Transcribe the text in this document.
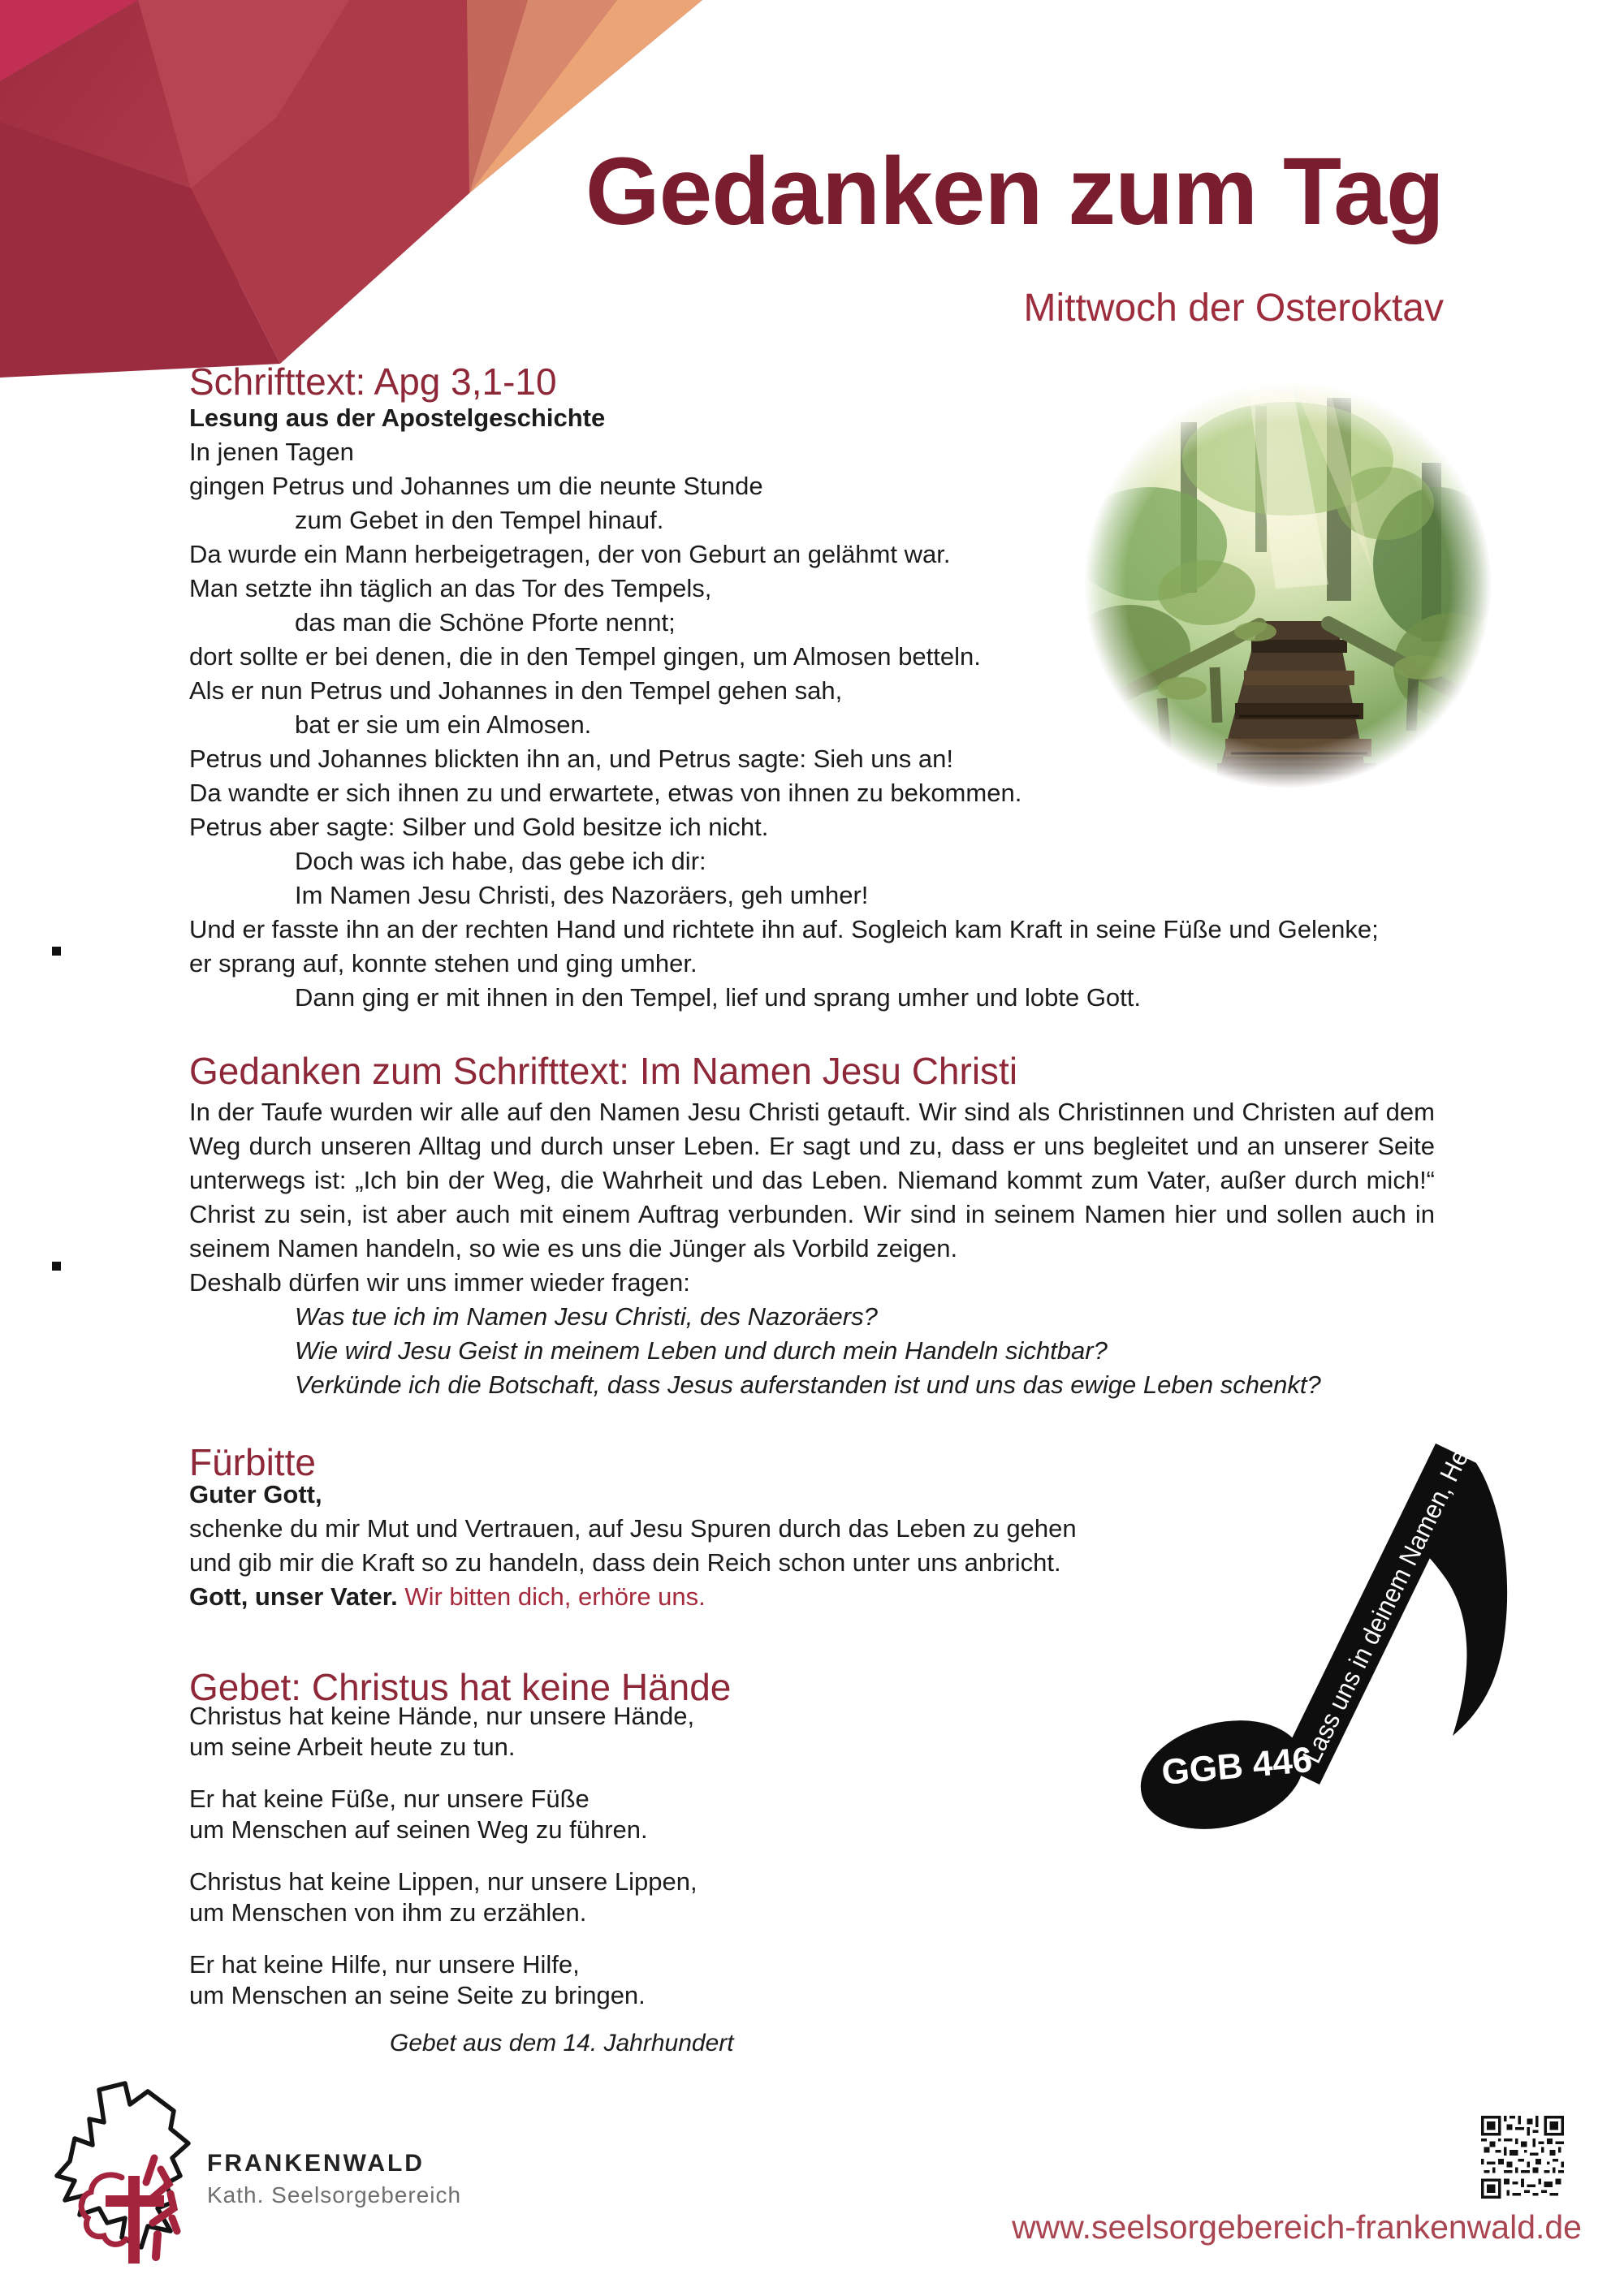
Gedanken zum Tag
Mittwoch der Osteroktav
Schrifttext: Apg 3,1-10
Lesung aus der Apostelgeschichte
In jenen Tagen
gingen Petrus und Johannes um die neunte Stunde
zum Gebet in den Tempel hinauf.
Da wurde ein Mann herbeigetragen, der von Geburt an gelähmt war.
Man setzte ihn täglich an das Tor des Tempels,
das man die Schöne Pforte nennt;
dort sollte er bei denen, die in den Tempel gingen, um Almosen betteln.
Als er nun Petrus und Johannes in den Tempel gehen sah,
bat er sie um ein Almosen.
Petrus und Johannes blickten ihn an, und Petrus sagte: Sieh uns an!
Da wandte er sich ihnen zu und erwartete, etwas von ihnen zu bekommen.
Petrus aber sagte: Silber und Gold besitze ich nicht.
Doch was ich habe, das gebe ich dir:
Im Namen Jesu Christi, des Nazoräers, geh umher!
Und er fasste ihn an der rechten Hand und richtete ihn auf. Sogleich kam Kraft in seine Füße und Gelenke;
er sprang auf, konnte stehen und ging umher.
Dann ging er mit ihnen in den Tempel, lief und sprang umher und lobte Gott.
Gedanken zum Schrifttext: Im Namen Jesu Christi
In der Taufe wurden wir alle auf den Namen Jesu Christi getauft. Wir sind als Christinnen und Christen auf dem
Weg durch unseren Alltag und durch unser Leben. Er sagt und zu, dass er uns begleitet und an unserer Seite
unterwegs ist: „Ich bin der Weg, die Wahrheit und das Leben. Niemand kommt zum Vater, außer durch mich!“
Christ zu sein, ist aber auch mit einem Auftrag verbunden. Wir sind in seinem Namen hier und sollen auch in
seinem Namen handeln, so wie es uns die Jünger als Vorbild zeigen.
Deshalb dürfen wir uns immer wieder fragen:
Was tue ich im Namen Jesu Christi, des Nazoräers?
Wie wird Jesu Geist in meinem Leben und durch mein Handeln sichtbar?
Verkünde ich die Botschaft, dass Jesus auferstanden ist und uns das ewige Leben schenkt?
Fürbitte
Guter Gott,
schenke du mir Mut und Vertrauen, auf Jesu Spuren durch das Leben zu gehen
und gib mir die Kraft so zu handeln, dass dein Reich schon unter uns anbricht.
Gott, unser Vater. Wir bitten dich, erhöre uns.
Gebet: Christus hat keine Hände
Christus hat keine Hände, nur unsere Hände,
um seine Arbeit heute zu tun.
Er hat keine Füße, nur unsere Füße
um Menschen auf seinen Weg zu führen.
Christus hat keine Lippen, nur unsere Lippen,
um Menschen von ihm zu erzählen.
Er hat keine Hilfe, nur unsere Hilfe,
um Menschen an seine Seite zu bringen.
Gebet aus dem 14. Jahrhundert
Lass uns in deinem Namen, Herr
GGB 446
FRANKENWALD
Kath. Seelsorgebereich
www.seelsorgebereich-frankenwald.de
